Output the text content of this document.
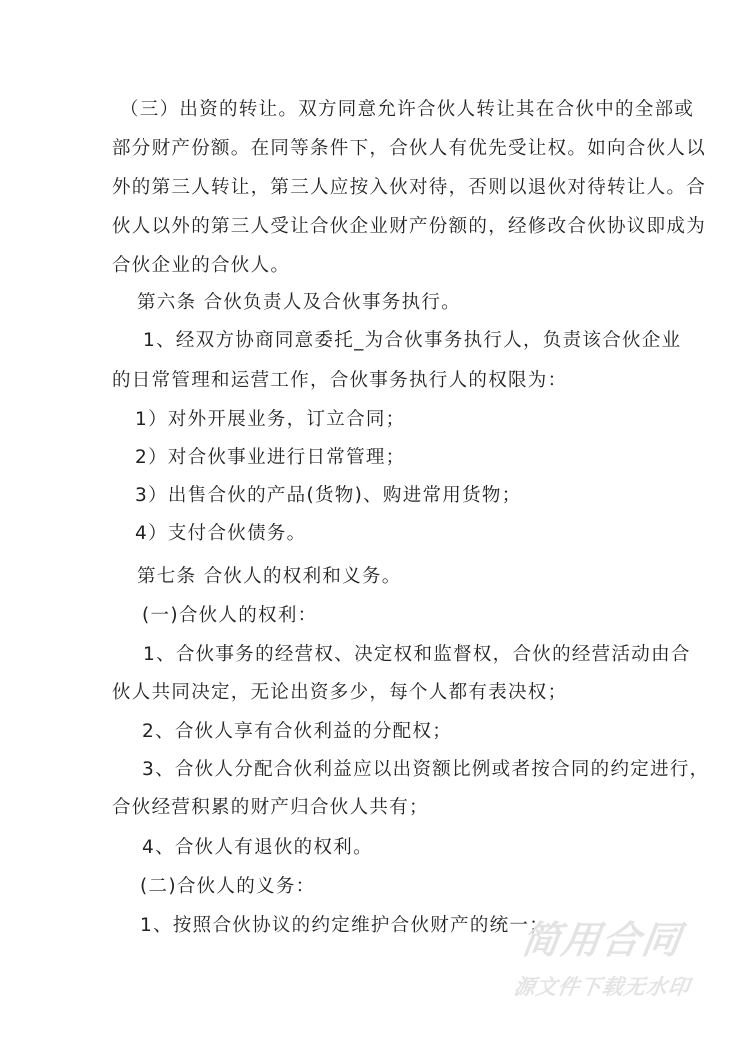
（三）出资的转让。双方同意允许合伙人转让其在合伙中的全部或
部分财产份额。在同等条件下，合伙人有优先受让权。如向合伙人以
外的第三人转让，第三人应按入伙对待，否则以退伙对待转让人。合
伙人以外的第三人受让合伙企业财产份额的，经修改合伙协议即成为
合伙企业的合伙人。
第六条 合伙负责人及合伙事务执行。
1、经双方协商同意委托_为合伙事务执行人，负责该合伙企业
的日常管理和运营工作，合伙事务执行人的权限为：
1）对外开展业务，订立合同；
2）对合伙事业进行日常管理；
3）出售合伙的产品(货物)、购进常用货物；
4）支付合伙债务。
第七条 合伙人的权利和义务。
(一)合伙人的权利：
1、合伙事务的经营权、决定权和监督权，合伙的经营活动由合
伙人共同决定，无论出资多少，每个人都有表决权；
2、合伙人享有合伙利益的分配权；
3、合伙人分配合伙利益应以出资额比例或者按合同的约定进行，
合伙经营积累的财产归合伙人共有；
4、合伙人有退伙的权利。
(二)合伙人的义务：
1、按照合伙协议的约定维护合伙财产的统一；
简用合同
源文件下载无水印
